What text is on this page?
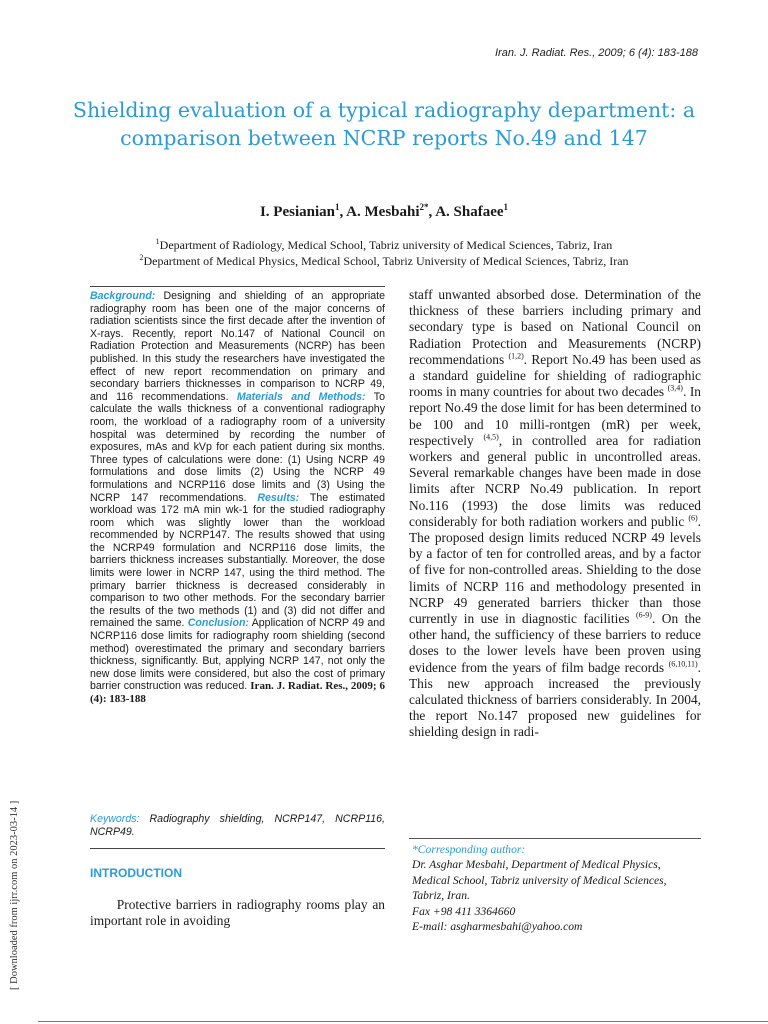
Iran. J. Radiat. Res., 2009; 6 (4): 183-188
Shielding evaluation of a typical radiography department: a comparison between NCRP reports No.49 and 147
I. Pesianian$^1$, A. Mesbahi$^{2*}$, A. Shafaee$^1$
$^1$Department of Radiology, Medical School, Tabriz university of Medical Sciences, Tabriz, Iran
$^2$Department of Medical Physics, Medical School, Tabriz University of Medical Sciences, Tabriz, Iran
Background: Designing and shielding of an appropriate radiography room has been one of the major concerns of radiation scientists since the first decade after the invention of X-rays. Recently, report No.147 of National Council on Radiation Protection and Measurements (NCRP) has been published. In this study the researchers have investigated the effect of new report recommendation on primary and secondary barriers thicknesses in comparison to NCRP 49, and 116 recommendations. Materials and Methods: To calculate the walls thickness of a conventional radiography room, the workload of a radiography room of a university hospital was determined by recording the number of exposures, mAs and kVp for each patient during six months. Three types of calculations were done: (1) Using NCRP 49 formulations and dose limits (2) Using the NCRP 49 formulations and NCRP116 dose limits and (3) Using the NCRP 147 recommendations. Results: The estimated workload was 172 mA min wk-1 for the studied radiography room which was slightly lower than the workload recommended by NCRP147. The results showed that using the NCRP49 formulation and NCRP116 dose limits, the barriers thickness increases substantially. Moreover, the dose limits were lower in NCRP 147, using the third method. The primary barrier thickness is decreased considerably in comparison to two other methods. For the secondary barrier the results of the two methods (1) and (3) did not differ and remained the same. Conclusion: Application of NCRP 49 and NCRP116 dose limits for radiography room shielding (second method) overestimated the primary and secondary barriers thickness, significantly. But, applying NCRP 147, not only the new dose limits were considered, but also the cost of primary barrier construction was reduced. Iran. J. Radiat. Res., 2009; 6 (4): 183-188
Keywords: Radiography shielding, NCRP147, NCRP116, NCRP49.
INTRODUCTION
Protective barriers in radiography rooms play an important role in avoiding
staff unwanted absorbed dose. Determination of the thickness of these barriers including primary and secondary type is based on National Council on Radiation Protection and Measurements (NCRP) recommendations $^{(1,2)}$. Report No.49 has been used as a standard guideline for shielding of radiographic rooms in many countries for about two decades $^{(3,4)}$. In report No.49 the dose limit for has been determined to be 100 and 10 milli-rontgen (mR) per week, respectively $^{(4,5)}$, in controlled area for radiation workers and general public in uncontrolled areas. Several remarkable changes have been made in dose limits after NCRP No.49 publication. In report No.116 (1993) the dose limits was reduced considerably for both radiation workers and public $^{(6)}$. The proposed design limits reduced NCRP 49 levels by a factor of ten for controlled areas, and by a factor of five for non-controlled areas. Shielding to the dose limits of NCRP 116 and methodology presented in NCRP 49 generated barriers thicker than those currently in use in diagnostic facilities $^{(6-9)}$. On the other hand, the sufficiency of these barriers to reduce doses to the lower levels have been proven using evidence from the years of film badge records $^{(6,10,11)}$. This new approach increased the previously calculated thickness of barriers considerably. In 2004, the report No.147 proposed new guidelines for shielding design in radi-
*Corresponding author:
Dr. Asghar Mesbahi, Department of Medical Physics,
Medical School, Tabriz university of Medical Sciences,
Tabriz, Iran.
Fax +98 411 3364660
E-mail: asgharmesbahi@yahoo.com
[ Downloaded from ijrr.com on 2023-03-14 ]
